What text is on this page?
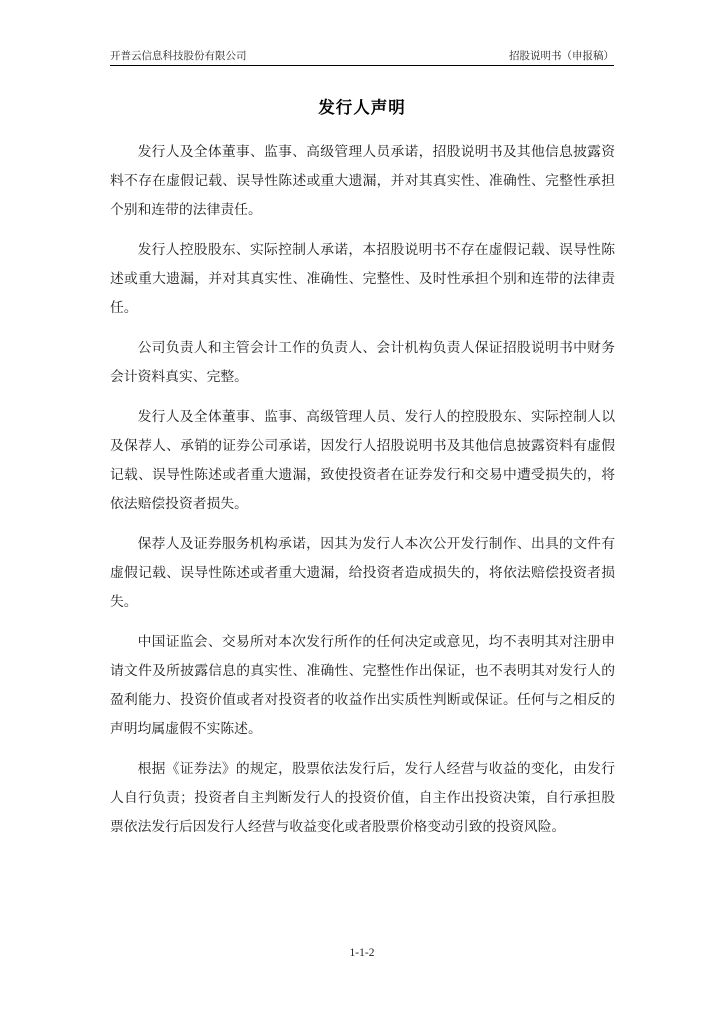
开普云信息科技股份有限公司	招股说明书（申报稿）
发行人声明

发行人及全体董事、监事、高级管理人员承诺，招股说明书及其他信息披露资料不存在虚假记载、误导性陈述或重大遗漏，并对其真实性、准确性、完整性承担个别和连带的法律责任。

发行人控股股东、实际控制人承诺，本招股说明书不存在虚假记载、误导性陈述或重大遗漏，并对其真实性、准确性、完整性、及时性承担个别和连带的法律责任。

公司负责人和主管会计工作的负责人、会计机构负责人保证招股说明书中财务会计资料真实、完整。

发行人及全体董事、监事、高级管理人员、发行人的控股股东、实际控制人以及保荐人、承销的证券公司承诺，因发行人招股说明书及其他信息披露资料有虚假记载、误导性陈述或者重大遗漏，致使投资者在证券发行和交易中遭受损失的，将依法赔偿投资者损失。

保荐人及证券服务机构承诺，因其为发行人本次公开发行制作、出具的文件有虚假记载、误导性陈述或者重大遗漏，给投资者造成损失的，将依法赔偿投资者损失。

中国证监会、交易所对本次发行所作的任何决定或意见，均不表明其对注册申请文件及所披露信息的真实性、准确性、完整性作出保证，也不表明其对发行人的盈利能力、投资价值或者对投资者的收益作出实质性判断或保证。任何与之相反的声明均属虚假不实陈述。

根据《证券法》的规定，股票依法发行后，发行人经营与收益的变化，由发行人自行负责；投资者自主判断发行人的投资价值，自主作出投资决策，自行承担股票依法发行后因发行人经营与收益变化或者股票价格变动引致的投资风险。

1-1-2
